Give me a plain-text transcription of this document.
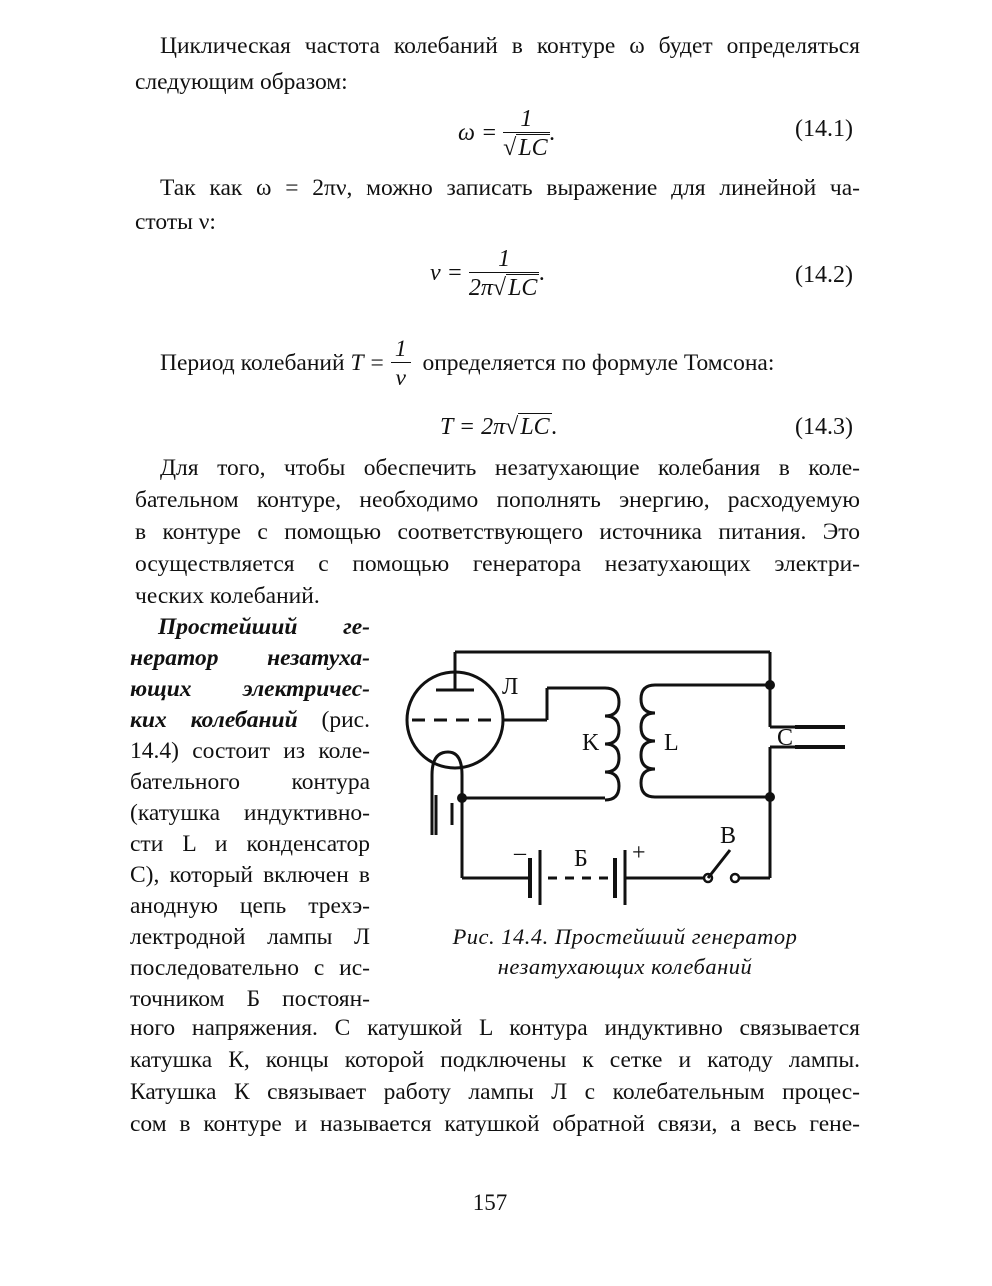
Циклическая частота колебаний в контуре ω будет определяться
следующим образом:
$\omega = \frac{1}{√LC}$ .	(14.1)
Так как ω = 2πν, можно записать выражение для линейной ча-
стоты ν:
$\nu = \frac{1}{2\pi√LC}$ .	(14.2)
Период колебаний $T = \frac{1}{\nu}$ определяется по формуле Томсона:
T = 2π√LC.	(14.3)
Для того, чтобы обеспечить незатухающие колебания в коле-
бательном контуре, необходимо пополнять энергию, расходуемую
в контуре с помощью соответствующего источника питания. Это
осуществляется с помощью генератора незатухающих электри-
ческих колебаний.
Простейший ге-
нератор незатуха-
ющих электричес-
ких колебаний (рис.
14.4) состоит из коле-
бательного контура
(катушка индуктивно-
сти L и конденсатор
С), который включен в
анодную цепь трехэ-
лектродной лампы Л
последовательно с ис-
точником Б постоян-
Л
K	L	C
Б
–	+
В
Рис. 14.4. Простейший генератор
незатухающих колебаний
ного напряжения. С катушкой L контура индуктивно связывается
катушка К, концы которой подключены к сетке и катоду лампы.
Катушка К связывает работу лампы Л с колебательным процес-
сом в контуре и называется катушкой обратной связи, а весь гене-
157
